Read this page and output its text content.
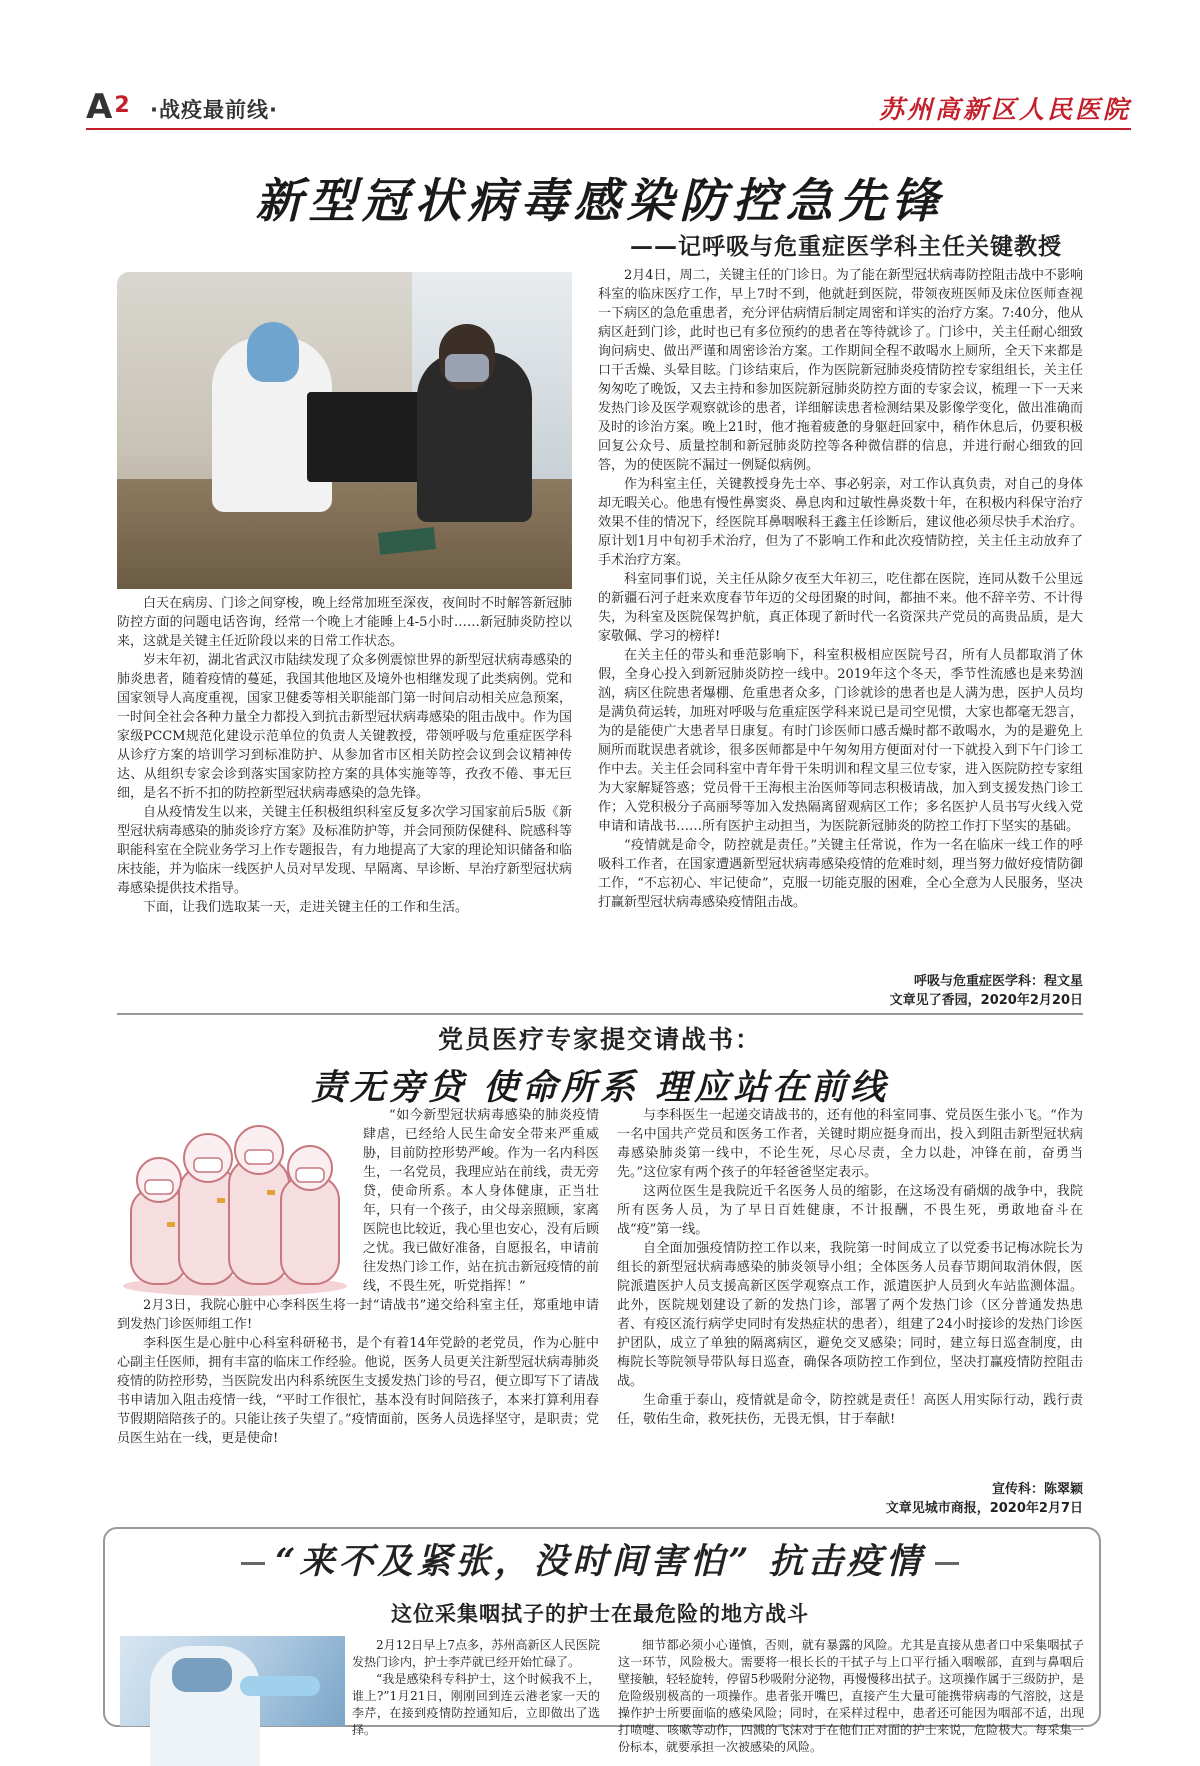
A2 ·战疫最前线·	苏州高新区人民医院
新型冠状病毒感染防控急先锋
——记呼吸与危重症医学科主任关键教授

白天在病房、门诊之间穿梭，晚上经常加班至深夜，夜间时不时解答新冠肺防控方面的问题电话咨询，经常一个晚上才能睡上4-5小时……新冠肺炎防控以来，这就是关键主任近阶段以来的日常工作状态。

岁末年初，湖北省武汉市陆续发现了众多例震惊世界的新型冠状病毒感染的肺炎患者，随着疫情的蔓延，我国其他地区及境外也相继发现了此类病例。党和国家领导人高度重视，国家卫健委等相关职能部门第一时间启动相关应急预案，一时间全社会各种力量全力都投入到抗击新型冠状病毒感染的阻击战中。作为国家级PCCM规范化建设示范单位的负责人关键教授，带领呼吸与危重症医学科从诊疗方案的培训学习到标准防护、从参加省市区相关防控会议到会议精神传达、从组织专家会诊到落实国家防控方案的具体实施等等，孜孜不倦、事无巨细，是名不折不扣的防控新型冠状病毒感染的急先锋。

自从疫情发生以来，关键主任积极组织科室反复多次学习国家前后5版《新型冠状病毒感染的肺炎诊疗方案》及标准防护等，并会同预防保健科、院感科等职能科室在全院业务学习上作专题报告，有力地提高了大家的理论知识储备和临床技能，并为临床一线医护人员对早发现、早隔离、早诊断、早治疗新型冠状病毒感染提供技术指导。

下面，让我们选取某一天，走进关键主任的工作和生活。

2月4日，周二，关键主任的门诊日。为了能在新型冠状病毒防控阻击战中不影响科室的临床医疗工作，早上7时不到，他就赶到医院，带领夜班医师及床位医师查视一下病区的急危重患者，充分评估病情后制定周密和详实的治疗方案。7:40分，他从病区赶到门诊，此时也已有多位预约的患者在等待就诊了。门诊中，关主任耐心细致询问病史、做出严谨和周密诊治方案。工作期间全程不敢喝水上厕所，全天下来都是口干舌燥、头晕目眩。门诊结束后，作为医院新冠肺炎疫情防控专家组组长，关主任匆匆吃了晚饭，又去主持和参加医院新冠肺炎防控方面的专家会议，梳理一下一天来发热门诊及医学观察就诊的患者，详细解读患者检测结果及影像学变化，做出准确而及时的诊治方案。晚上21时，他才拖着疲惫的身躯赶回家中，稍作休息后，仍要积极回复公众号、质量控制和新冠肺炎防控等各种微信群的信息，并进行耐心细致的回答，为的使医院不漏过一例疑似病例。

作为科室主任，关键教授身先士卒、事必躬亲，对工作认真负责，对自己的身体却无暇关心。他患有慢性鼻窦炎、鼻息肉和过敏性鼻炎数十年，在积极内科保守治疗效果不佳的情况下，经医院耳鼻咽喉科王鑫主任诊断后，建议他必须尽快手术治疗。原计划1月中旬初手术治疗，但为了不影响工作和此次疫情防控，关主任主动放弃了手术治疗方案。

科室同事们说，关主任从除夕夜至大年初三，吃住都在医院，连同从数千公里远的新疆石河子赶来欢度春节年迈的父母团聚的时间，都抽不来。他不辞辛劳、不计得失，为科室及医院保驾护航，真正体现了新时代一名资深共产党员的高贵品质，是大家敬佩、学习的榜样!

在关主任的带头和垂范影响下，科室积极相应医院号召，所有人员都取消了休假，全身心投入到新冠肺炎防控一线中。2019年这个冬天，季节性流感也是来势汹汹，病区住院患者爆棚、危重患者众多，门诊就诊的患者也是人满为患，医护人员均是满负荷运转，加班对呼吸与危重症医学科来说已是司空见惯，大家也都毫无怨言，为的是能使广大患者早日康复。有时门诊医师口感舌燥时都不敢喝水，为的是避免上厕所而耽误患者就诊，很多医师都是中午匆匆用方便面对付一下就投入到下午门诊工作中去。关主任会同科室中青年骨干朱明训和程文星三位专家，进入医院防控专家组为大家解疑答惑；党员骨干王海根主治医师等同志积极请战，加入到支援发热门诊工作；入党积极分子高丽琴等加入发热隔离留观病区工作；多名医护人员书写火线入党申请和请战书……所有医护主动担当，为医院新冠肺炎的防控工作打下坚实的基础。

“疫情就是命令，防控就是责任。”关键主任常说，作为一名在临床一线工作的呼吸科工作者，在国家遭遇新型冠状病毒感染疫情的危难时刻，理当努力做好疫情防御工作，“不忘初心、牢记使命”，克服一切能克服的困难，全心全意为人民服务，坚决打赢新型冠状病毒感染疫情阻击战。

呼吸与危重症医学科：程文星
文章见了香园，2020年2月20日
党员医疗专家提交请战书：
责无旁贷 使命所系 理应站在前线

“如今新型冠状病毒感染的肺炎疫情肆虐，已经给人民生命安全带来严重威胁，目前防控形势严峻。作为一名内科医生，一名党员，我理应站在前线，责无旁贷，使命所系。本人身体健康，正当壮年，只有一个孩子，由父母亲照顾，家离医院也比较近，我心里也安心，没有后顾之忧。我已做好准备，自愿报名，申请前往发热门诊工作，站在抗击新冠疫情的前线，不畏生死，听党指挥！”

2月3日，我院心脏中心李科医生将一封“请战书”递交给科室主任，郑重地申请到发热门诊医师组工作!

李科医生是心脏中心科室科研秘书，是个有着14年党龄的老党员，作为心脏中心副主任医师，拥有丰富的临床工作经验。他说，医务人员更关注新型冠状病毒肺炎疫情的防控形势，当医院发出内科系统医生支援发热门诊的号召，便立即写下了请战书申请加入阻击疫情一线，“平时工作很忙，基本没有时间陪孩子，本来打算利用春节假期陪陪孩子的。只能让孩子失望了。”疫情面前，医务人员选择坚守，是职责；党员医生站在一线，更是使命!

与李科医生一起递交请战书的，还有他的科室同事、党员医生张小飞。“作为一名中国共产党员和医务工作者，关键时期应挺身而出，投入到阻击新型冠状病毒感染肺炎第一线中，不论生死，尽心尽责，全力以赴，冲锋在前，奋勇当先。”这位家有两个孩子的年轻爸爸坚定表示。

这两位医生是我院近千名医务人员的缩影，在这场没有硝烟的战争中，我院所有医务人员，为了早日百姓健康，不计报酬，不畏生死，勇敢地奋斗在战“疫”第一线。

自全面加强疫情防控工作以来，我院第一时间成立了以党委书记梅冰院长为组长的新型冠状病毒感染的肺炎领导小组；全体医务人员春节期间取消休假，医院派遣医护人员支援高新区医学观察点工作，派遣医护人员到火车站监测体温。此外，医院规划建设了新的发热门诊，部署了两个发热门诊（区分普通发热患者、有疫区流行病学史同时有发热症状的患者），组建了24小时接诊的发热门诊医护团队，成立了单独的隔离病区，避免交叉感染；同时，建立每日巡查制度，由梅院长等院领导带队每日巡查，确保各项防控工作到位，坚决打赢疫情防控阻击战。

生命重于泰山，疫情就是命令，防控就是责任！高医人用实际行动，践行责任，敬佑生命，救死扶伤，无畏无惧，甘于奉献!

宣传科：陈翠颖
文章见城市商报，2020年2月7日
“来不及紧张，没时间害怕” 抗击疫情
这位采集咽拭子的护士在最危险的地方战斗

2月12日早上7点多，苏州高新区人民医院发热门诊内，护士李芹就已经开始忙碌了。

“我是感染科专科护士，这个时候我不上，谁上?”1月21日，刚刚回到连云港老家一天的李芹，在接到疫情防控通知后，立即做出了选择。

细节都必须小心谨慎，否则，就有暴露的风险。尤其是直接从患者口中采集咽拭子这一环节，风险极大。需要将一根长长的干拭子与上口平行插入咽喉部，直到与鼻咽后壁接触，轻轻旋转，停留5秒吸附分泌物，再慢慢移出拭子。这项操作属于三级防护，是危险级别极高的一项操作。患者张开嘴巴，直接产生大量可能携带病毒的气溶胶，这是操作护士所要面临的感染风险；同时，在采样过程中，患者还可能因为咽部不适，出现打喷嚏、咳嗽等动作，四溅的飞沫对于在他们正对面的护士来说，危险极大。每采集一份标本，就要承担一次被感染的风险。
